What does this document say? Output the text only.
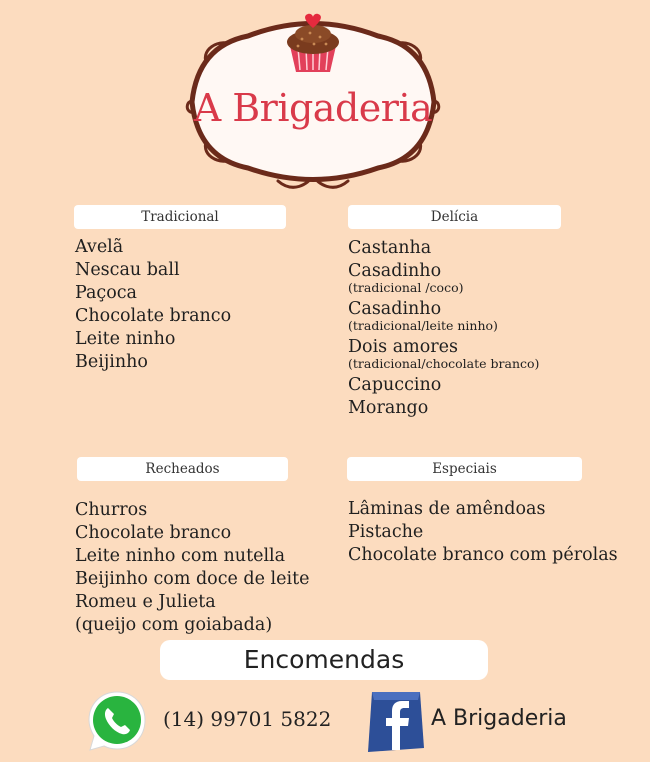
A Brigaderia
Tradicional
Avelã
Nescau ball
Paçoca
Chocolate branco
Leite ninho
Beijinho
Delícia
Castanha
Casadinho
(tradicional /coco)
Casadinho
(tradicional/leite ninho)
Dois amores
(tradicional/chocolate branco)
Capuccino
Morango
Recheados
Churros
Chocolate branco
Leite ninho com nutella
Beijinho com doce de leite
Romeu e Julieta
(queijo com goiabada)
Especiais
Lâminas de amêndoas
Pistache
Chocolate branco com pérolas
Encomendas
(14) 99701 5822	A Brigaderia
